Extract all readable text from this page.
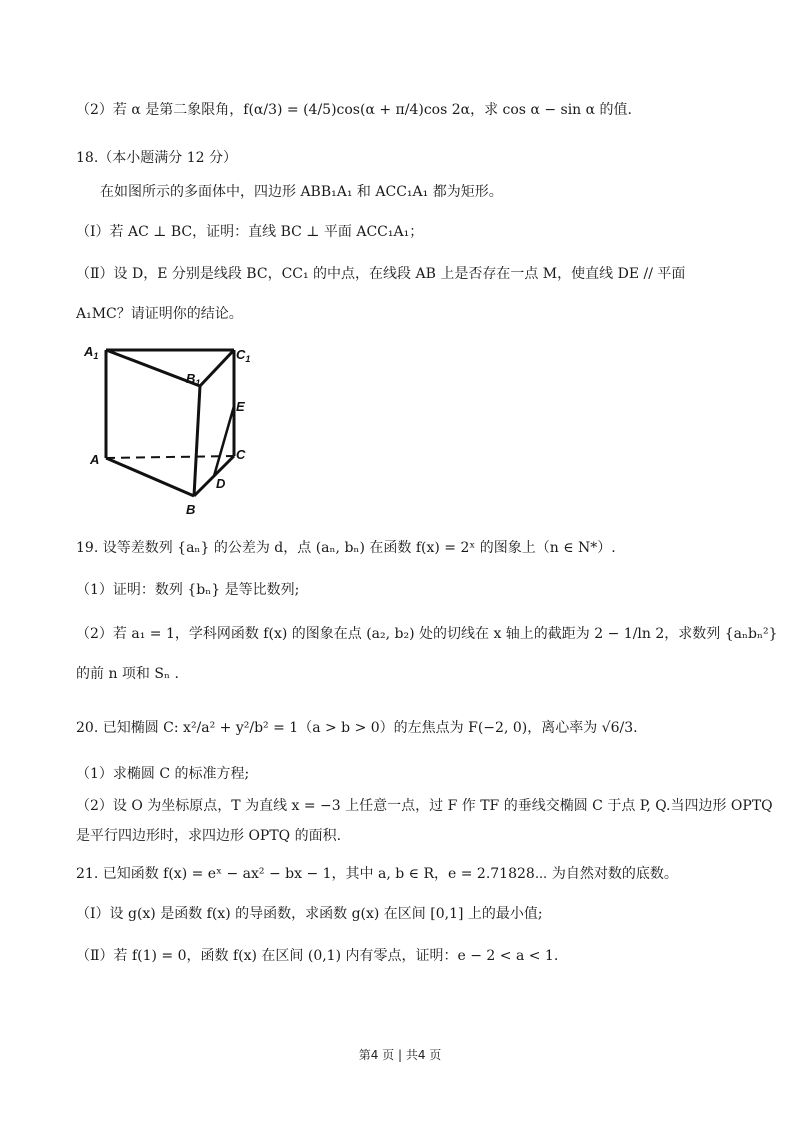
（2）若 α 是第二象限角，f(α/3) = (4/5)cos(α + π/4)cos 2α，求 cos α − sin α 的值.
18.（本小题满分 12 分）
在如图所示的多面体中，四边形 ABB₁A₁ 和 ACC₁A₁ 都为矩形。
（Ⅰ）若 AC ⊥ BC，证明：直线 BC ⊥ 平面 ACC₁A₁；
（Ⅱ）设 D，E 分别是线段 BC，CC₁ 的中点，在线段 AB 上是否存在一点 M，使直线 DE // 平面
A₁MC？请证明你的结论。
19. 设等差数列 {aₙ} 的公差为 d，点 (aₙ, bₙ) 在函数 f(x) = 2ˣ 的图象上（n ∈ N*）.
（1）证明：数列 {bₙ} 是等比数列;
（2）若 a₁ = 1，学科网函数 f(x) 的图象在点 (a₂, b₂) 处的切线在 x 轴上的截距为 2 − 1/ln 2，求数列 {aₙbₙ²}
的前 n 项和 Sₙ .
20. 已知椭圆 C: x²/a² + y²/b² = 1（a > b > 0）的左焦点为 F(−2, 0)，离心率为 √6/3.
（1）求椭圆 C 的标准方程;
（2）设 O 为坐标原点，T 为直线 x = −3 上任意一点，过 F 作 TF 的垂线交椭圆 C 于点 P, Q.当四边形 OPTQ
是平行四边形时，求四边形 OPTQ 的面积.
21. 已知函数 f(x) = eˣ − ax² − bx − 1，其中 a, b ∈ R，e = 2.71828⋯ 为自然对数的底数。
（Ⅰ）设 g(x) 是函数 f(x) 的导函数，求函数 g(x) 在区间 [0,1] 上的最小值;
（Ⅱ）若 f(1) = 0，函数 f(x) 在区间 (0,1) 内有零点，证明：e − 2 < a < 1.
$A_1$	$C_1$
$B_1$
E
A	C
D
B
第4 页 | 共4 页
